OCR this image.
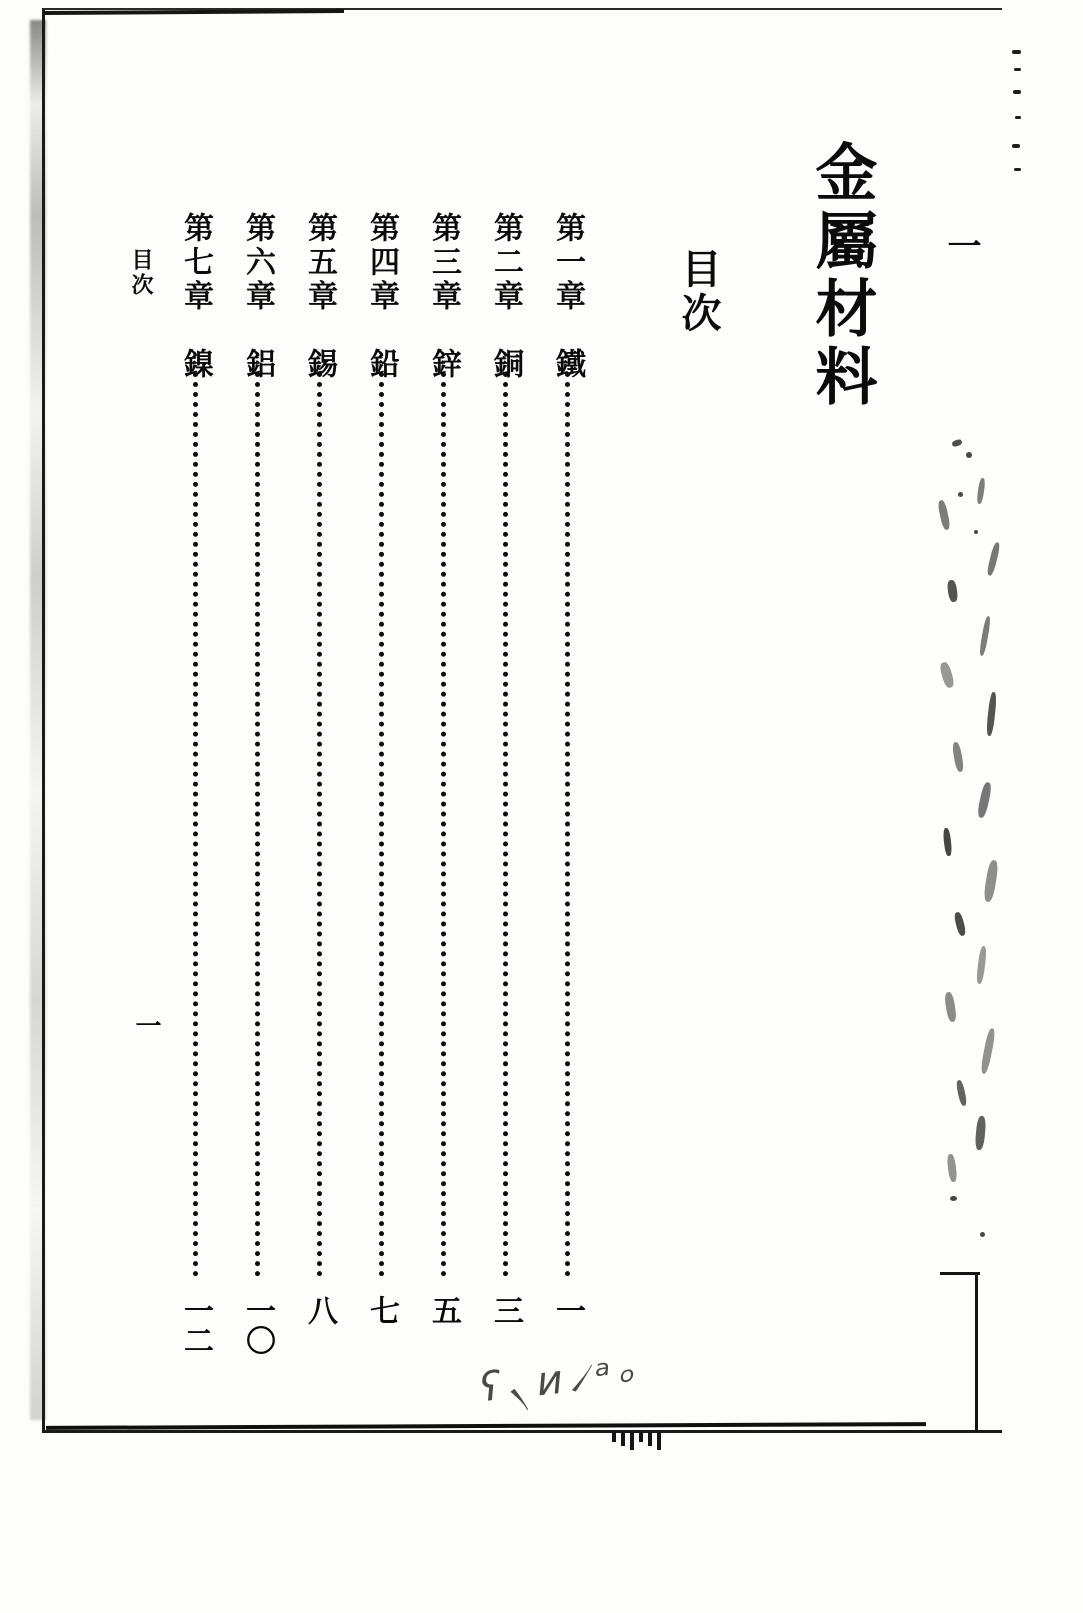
金屬材料 一
目次
第一章　鐵
一
第二章　銅
三
第三章　鋅
五
第四章　鉛
七
第五章　錫
八
第六章　鋁
一〇
第七章　鎳
一二
目次
一
ʕ৲ᴎ৴ᵃ৹
